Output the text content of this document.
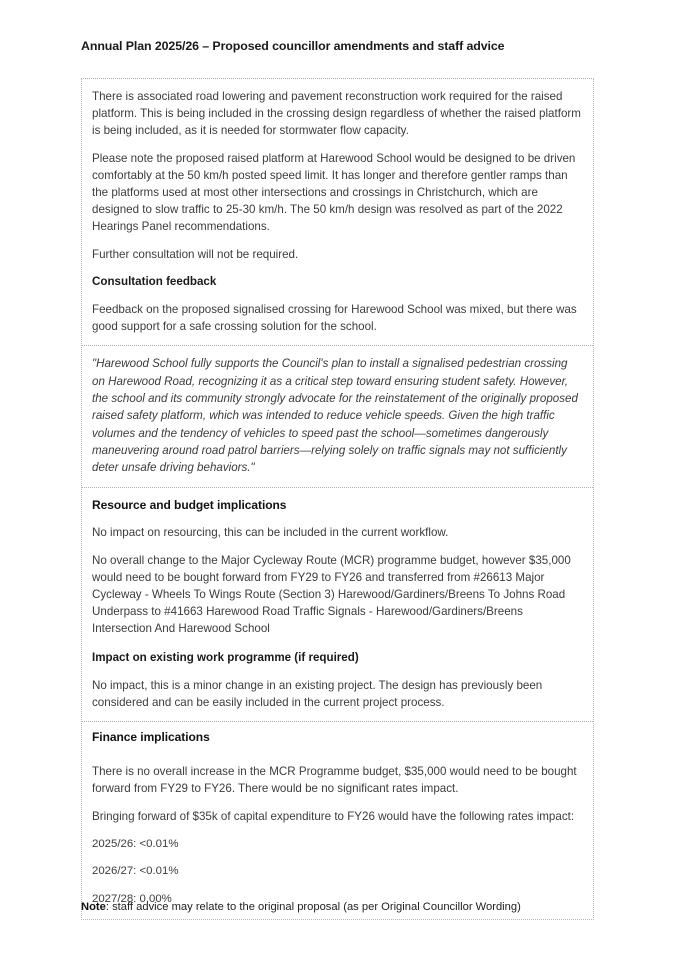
Annual Plan 2025/26 – Proposed councillor amendments and staff advice

There is associated road lowering and pavement reconstruction work required for the raised platform. This is being included in the crossing design regardless of whether the raised platform is being included, as it is needed for stormwater flow capacity.

Please note the proposed raised platform at Harewood School would be designed to be driven comfortably at the 50 km/h posted speed limit. It has longer and therefore gentler ramps than the platforms used at most other intersections and crossings in Christchurch, which are designed to slow traffic to 25-30 km/h. The 50 km/h design was resolved as part of the 2022 Hearings Panel recommendations.

Further consultation will not be required.

Consultation feedback

Feedback on the proposed signalised crossing for Harewood School was mixed, but there was good support for a safe crossing solution for the school.

"Harewood School fully supports the Council's plan to install a signalised pedestrian crossing on Harewood Road, recognizing it as a critical step toward ensuring student safety. However, the school and its community strongly advocate for the reinstatement of the originally proposed raised safety platform, which was intended to reduce vehicle speeds. Given the high traffic volumes and the tendency of vehicles to speed past the school—sometimes dangerously maneuvering around road patrol barriers—relying solely on traffic signals may not sufficiently deter unsafe driving behaviors."

Resource and budget implications

No impact on resourcing, this can be included in the current workflow.

No overall change to the Major Cycleway Route (MCR) programme budget, however $35,000 would need to be bought forward from FY29 to FY26 and transferred from #26613 Major Cycleway - Wheels To Wings Route (Section 3) Harewood/Gardiners/Breens To Johns Road Underpass to #41663 Harewood Road Traffic Signals - Harewood/Gardiners/Breens Intersection And Harewood School

Impact on existing work programme (if required)

No impact, this is a minor change in an existing project. The design has previously been considered and can be easily included in the current project process.

Finance implications

There is no overall increase in the MCR Programme budget, $35,000 would need to be bought forward from FY29 to FY26. There would be no significant rates impact.

Bringing forward of $35k of capital expenditure to FY26 would have the following rates impact:

2025/26: <0.01%
2026/27: <0.01%
2027/28: 0.00%
Note: staff advice may relate to the original proposal (as per Original Councillor Wording)
